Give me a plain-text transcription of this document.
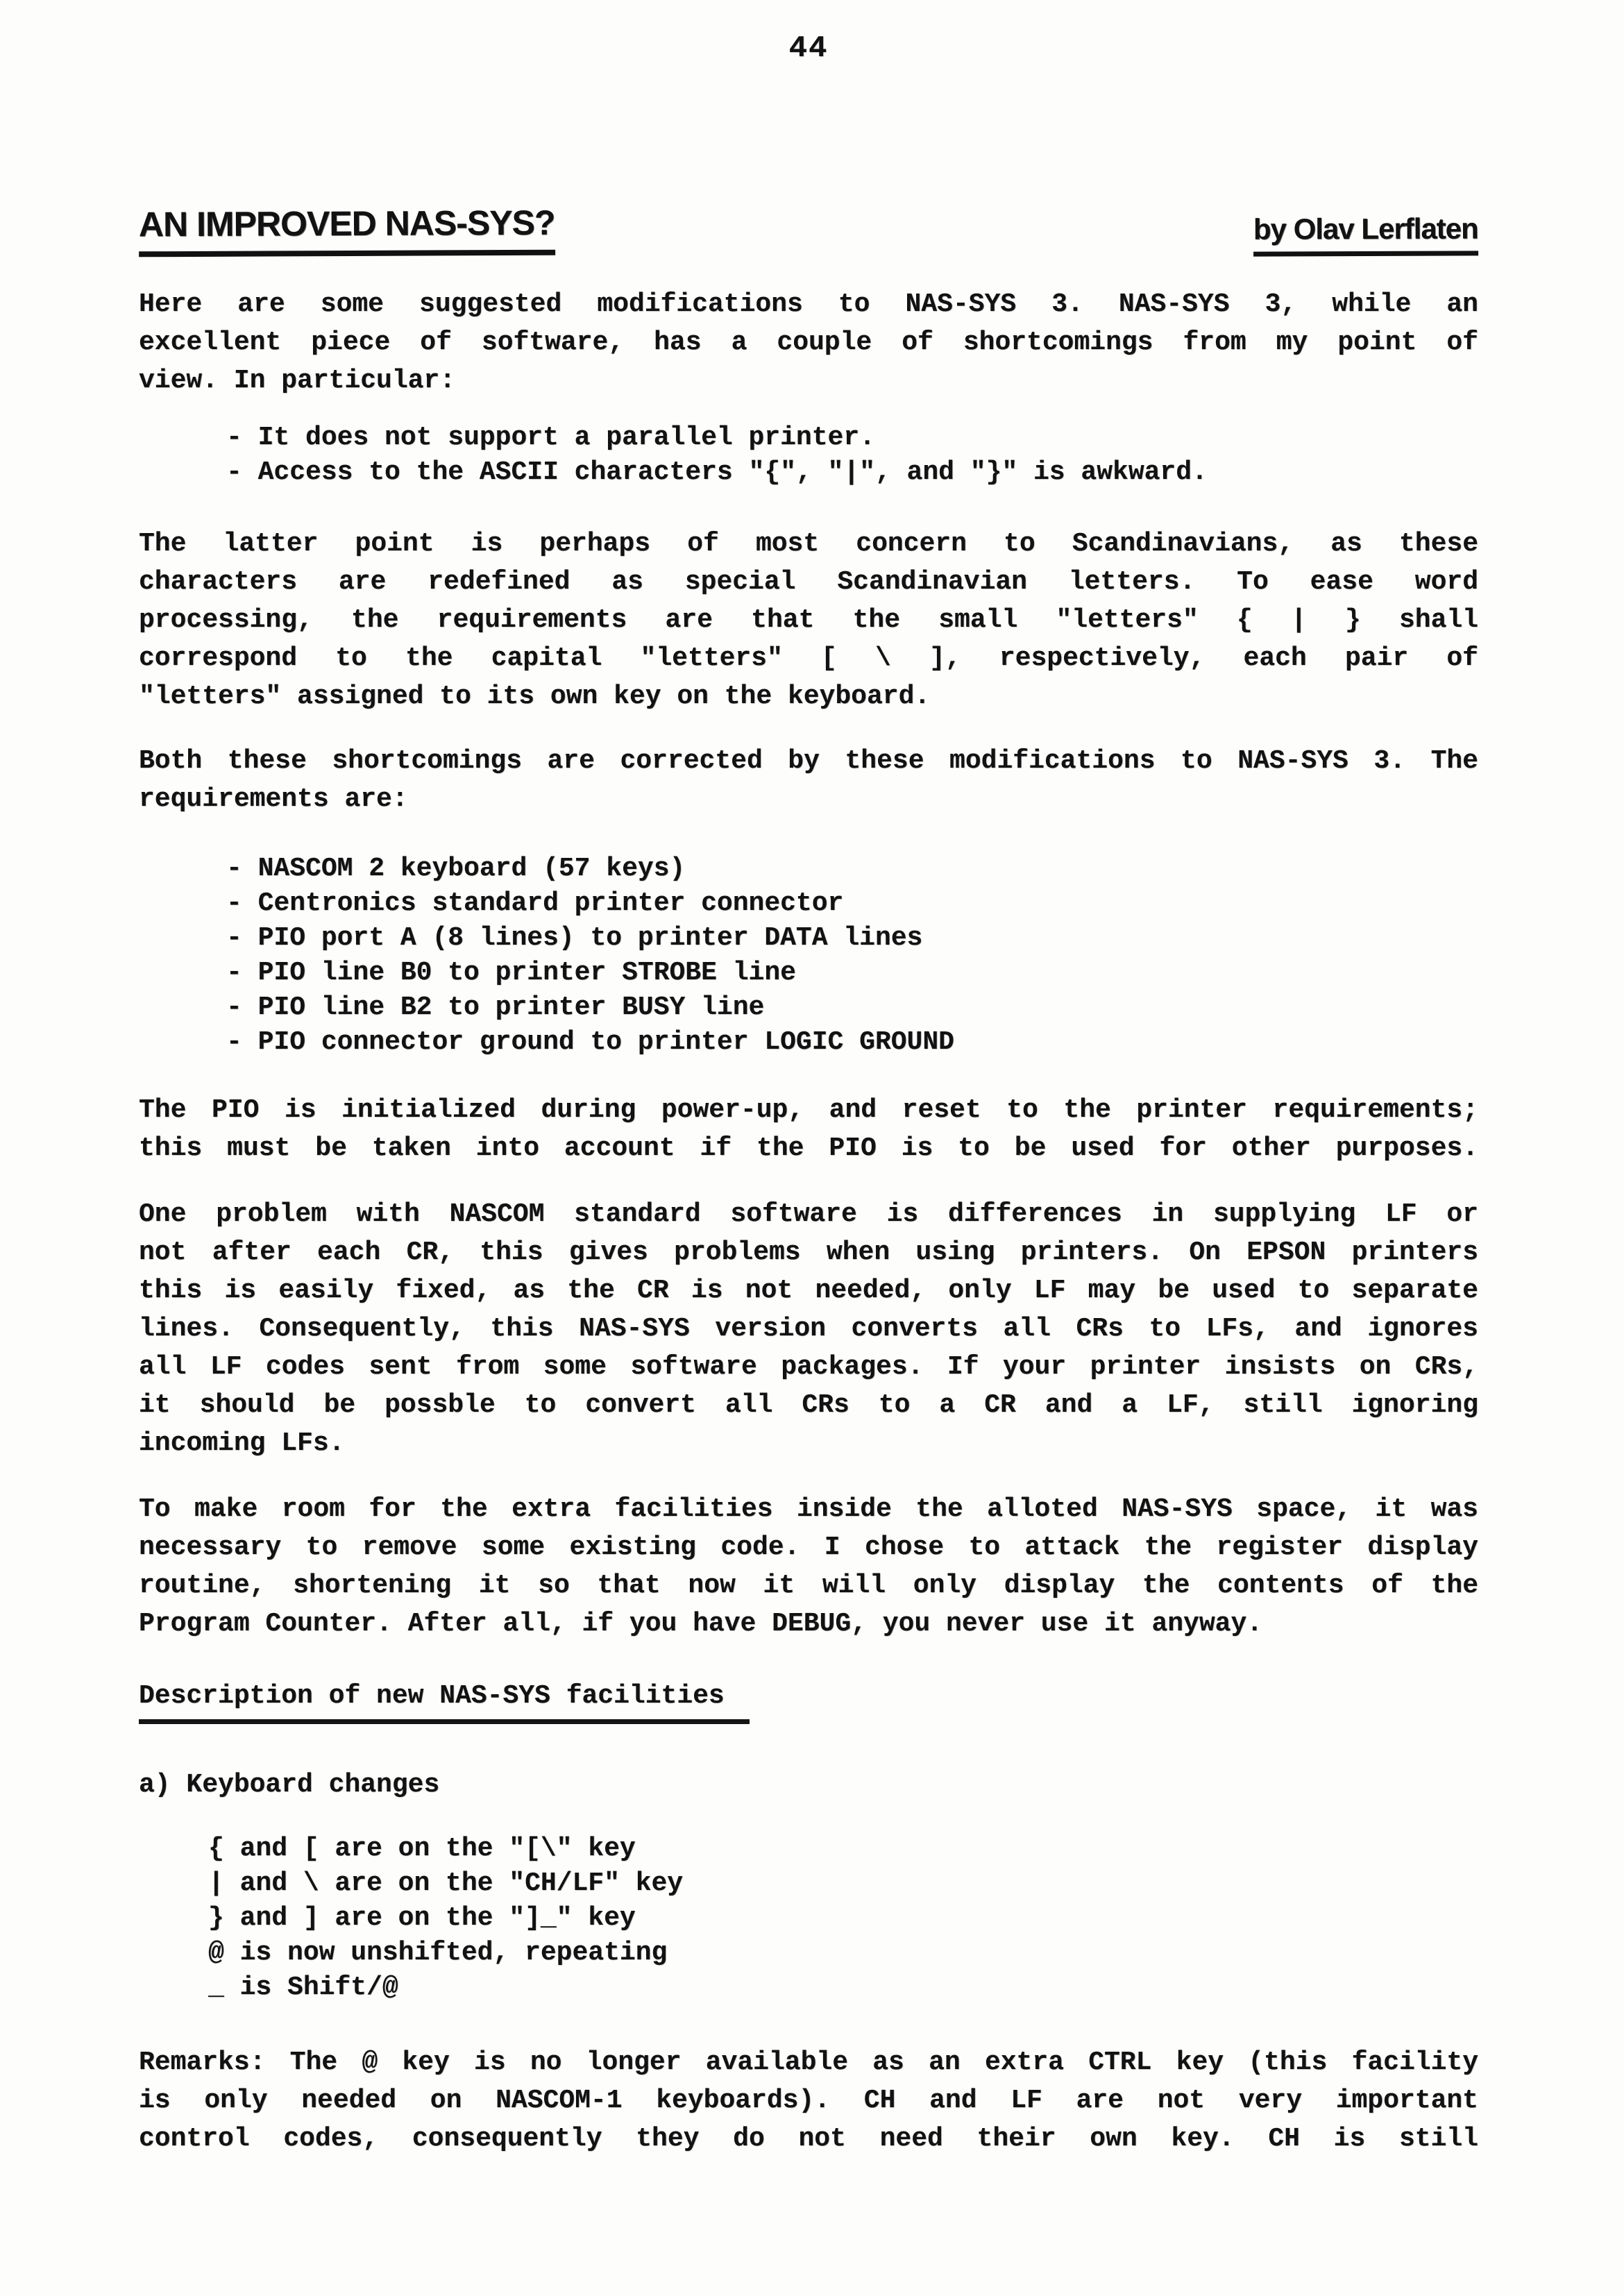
44
AN IMPROVED NAS-SYS?	by Olav Lerflaten
Here are some suggested modifications to NAS-SYS 3. NAS-SYS 3, while an
excellent piece of software, has a couple of shortcomings from my point of
view. In particular:
- It does not support a parallel printer.
- Access to the ASCII characters "{", "|", and "}" is awkward.
The latter point is perhaps of most concern to Scandinavians, as these
characters are redefined as special Scandinavian letters. To ease word
processing, the requirements are that the small "letters" { | } shall
correspond to the capital "letters" [ \ ], respectively, each pair of
"letters" assigned to its own key on the keyboard.
Both these shortcomings are corrected by these modifications to NAS-SYS 3. The
requirements are:
- NASCOM 2 keyboard (57 keys)
- Centronics standard printer connector
- PIO port A (8 lines) to printer DATA lines
- PIO line B0 to printer STROBE line
- PIO line B2 to printer BUSY line
- PIO connector ground to printer LOGIC GROUND
The PIO is initialized during power-up, and reset to the printer requirements;
this must be taken into account if the PIO is to be used for other purposes.
One problem with NASCOM standard software is differences in supplying LF or
not after each CR, this gives problems when using printers. On EPSON printers
this is easily fixed, as the CR is not needed, only LF may be used to separate
lines. Consequently, this NAS-SYS version converts all CRs to LFs, and ignores
all LF codes sent from some software packages. If your printer insists on CRs,
it should be possble to convert all CRs to a CR and a LF, still ignoring
incoming LFs.
To make room for the extra facilities inside the alloted NAS-SYS space, it was
necessary to remove some existing code. I chose to attack the register display
routine, shortening it so that now it will only display the contents of the
Program Counter. After all, if you have DEBUG, you never use it anyway.
Description of new NAS-SYS facilities
a) Keyboard changes
{ and [ are on the "[\" key
| and \ are on the "CH/LF" key
} and ] are on the "]_" key
@ is now unshifted, repeating
_ is Shift/@
Remarks: The @ key is no longer available as an extra CTRL key (this facility
is only needed on NASCOM-1 keyboards). CH and LF are not very important
control codes, consequently they do not need their own key. CH is still
